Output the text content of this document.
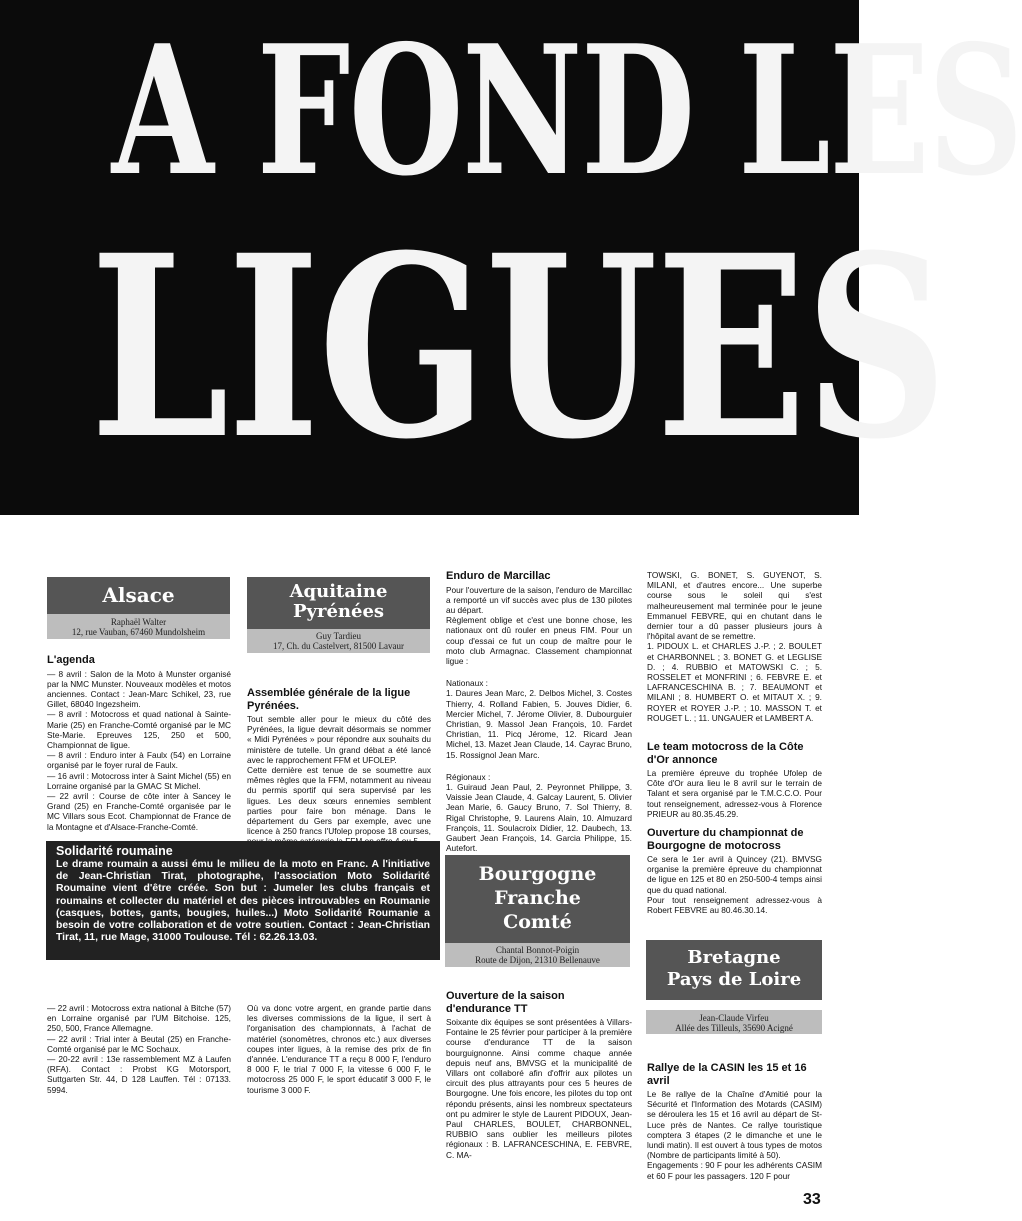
A FOND LES
LIGUES
Alsace
Raphaël Walter
12, rue Vauban, 67460 Mundolsheim
L'agenda

— 8 avril : Salon de la Moto à Munster organisé par la NMC Munster. Nouveaux modèles et motos anciennes. Contact : Jean-Marc Schikel, 23, rue Gillet, 68040 Ingezsheim.
— 8 avril : Motocross et quad national à Sainte-Marie (25) en Franche-Comté organisé par le MC Ste-Marie. Epreuves 125, 250 et 500, Championnat de ligue.
— 8 avril : Enduro inter à Faulx (54) en Lorraine organisé par le foyer rural de Faulx.
— 16 avril : Motocross inter à Saint Michel (55) en Lorraine organisé par la GMAC St Michel.
— 22 avril : Course de côte inter à Sancey le Grand (25) en Franche-Comté organisée par le MC Villars sous Ecot. Championnat de France de la Montagne et d'Alsace-Franche-Comté.

Aquitaine
Pyrénées
Guy Tardieu
17, Ch. du Castelvert, 81500 Lavaur
Assemblée générale de la ligue Pyrénées.

Tout semble aller pour le mieux du côté des Pyrénées, la ligue devrait désormais se nommer « Midi Pyrénées » pour répondre aux souhaits du ministère de tutelle. Un grand débat a été lancé avec le rapprochement FFM et UFOLEP.
Cette dernière est tenue de se soumettre aux mêmes règles que la FFM, notamment au niveau du permis sportif qui sera supervisé par les ligues. Les deux sœurs ennemies semblent parties pour faire bon ménage. Dans le département du Gers par exemple, avec une licence à 250 francs l'Ufolep propose 18 courses,

Enduro de Marcillac

Pour l'ouverture de la saison, l'enduro de Marcillac a remporté un vif succès avec plus de 130 pilotes au départ.
Règlement oblige et c'est une bonne chose, les nationaux ont dû rouler en pneus FIM. Pour un coup d'essai ce fut un coup de maître pour le moto club Armagnac. Classement championnat ligue :

Nationaux :
1. Daures Jean Marc, 2. Delbos Michel, 3. Costes Thierry, 4. Rolland Fabien, 5. Jouves Didier, 6. Mercier Michel, 7. Jérome Olivier, 8. Dubourguier Christian, 9. Massol Jean François, 10. Fardet Christian, 11. Picq Jérome, 12. Ricard Jean Michel, 13. Mazet Jean Claude, 14. Cayrac Bruno, 15. Rossignol Jean Marc.

Régionaux :
1. Guiraud Jean Paul, 2. Peyronnet Philippe, 3. Vaissie Jean Claude, 4. Galcay Laurent, 5. Olivier Jean Marie, 6. Gaucy Bruno, 7. Sol Thierry, 8. Rigal Christophe, 9. Laurens Alain, 10. Almuzard François, 11. Soulacroix Didier, 12. Daubech, 13. Gaubert Jean François, 14. Garcia Philippe, 15. Autefort.

TOWSKI, G. BONET, S. GUYENOT, S. MILANI, et d'autres encore... Une superbe course sous le soleil qui s'est malheureusement mal terminée pour le jeune Emmanuel FEBVRE, qui en chutant dans le dernier tour a dû passer plusieurs jours à l'hôpital avant de se remettre.
1. PIDOUX L. et CHARLES J.-P. ; 2. BOULET et CHARBONNEL ; 3. BONET G. et LEGLISE D. ; 4. RUBBIO et MATOWSKI C. ; 5. ROSSELET et MONFRINI ; 6. FEBVRE E. et LAFRANCESCHINA B. ; 7. BEAUMONT et MILANI ; 8. HUMBERT O. et MITAUT X. ; 9. ROYER et ROYER J.-P. ; 10. MASSON T. et ROUGET L. ; 11. UNGAUER et LAMBERT A.

Le team motocross de la Côte d'Or annonce

La première épreuve du trophée Ufolep de Côte d'Or aura lieu le 8 avril sur le terrain de Talant et sera organisé par le T.M.C.C.O. Pour tout renseignement, adressez-vous à Florence PRIEUR au 80.35.45.29.

Ouverture du championnat de Bourgogne de motocross

Ce sera le 1er avril à Quincey (21). BMVSG organise la première épreuve du championnat de ligue en 125 et 80 en 250-500-4 temps ainsi que du quad national.
Pour tout renseignement adressez-vous à Robert FEBVRE au 80.46.30.14.

Solidarité roumaine

Le drame roumain a aussi ému le milieu de la moto en Franc. A l'initiative de Jean-Christian Tirat, photographe, l'association Moto Solidarité Roumaine vient d'être créée. Son but : Jumeler les clubs français et roumains et collecter du matériel et des pièces introuvables en Roumanie (casques, bottes, gants, bougies, huiles...) Moto Solidarité Roumanie a besoin de votre collaboration et de votre soutien. Contact : Jean-Christian Tirat, 11, rue Mage, 31000 Toulouse. Tél : 62.26.13.03.

— 22 avril : Motocross extra national à Bitche (57) en Lorraine organisé par l'UM Bitchoise. 125, 250, 500, France Allemagne.
— 22 avril : Trial inter à Beutal (25) en Franche-Comté organisé par le MC Sochaux.
— 20-22 avril : 13e rassemblement MZ à Laufen (RFA). Contact : Probst KG Motorsport, Suttgarten Str. 44, D 128 Lauffen. Tél : 07133. 5994.

Où va donc votre argent, en grande partie dans les diverses commissions de la ligue, il sert à l'organisation des championnats, à l'achat de matériel (sonomètres, chronos etc.) aux diverses coupes inter ligues, à la remise des prix de fin d'année. L'endurance TT a reçu 8 000 F, l'enduro 8 000 F, le trial 7 000 F, la vitesse 6 000 F, le motocross 25 000 F, le sport éducatif 3 000 F, le tourisme 3 000 F.

Bourgogne
Franche
Comté
Chantal Bonnot-Poigin
Route de Dijon, 21310 Bellenauve
Ouverture de la saison d'endurance TT

Soixante dix équipes se sont présentées à Villars-Fontaine le 25 février pour participer à la première course d'endurance TT de la saison bourguignonne. Ainsi comme chaque année depuis neuf ans, BMVSG et la municipalité de Villars ont collaboré afin d'offrir aux pilotes un circuit des plus attrayants pour ces 5 heures de Bourgogne. Une fois encore, les pilotes du top ont répondu présents, ainsi les nombreux spectateurs ont pu admirer le style de Laurent PIDOUX, Jean-Paul CHARLES, BOULET, CHARBONNEL, RUBBIO sans oublier les meilleurs pilotes régionaux : B. LAFRANCESCHINA, E. FEBVRE, C. MA-

Bretagne
Pays de Loire
Jean-Claude Virfeu
Allée des Tilleuls, 35690 Acigné
Rallye de la CASIN les 15 et 16 avril

Le 8e rallye de la Chaîne d'Amitié pour la Sécurité et l'Information des Motards (CASIM) se déroulera les 15 et 16 avril au départ de St-Luce près de Nantes. Ce rallye touristique comptera 3 étapes (2 le dimanche et une le lundi matin). Il est ouvert à tous types de motos (Nombre de participants limité à 50).
Engagements : 90 F pour les adhérents CASIM et 60 F pour les passagers. 120 F pour

33
